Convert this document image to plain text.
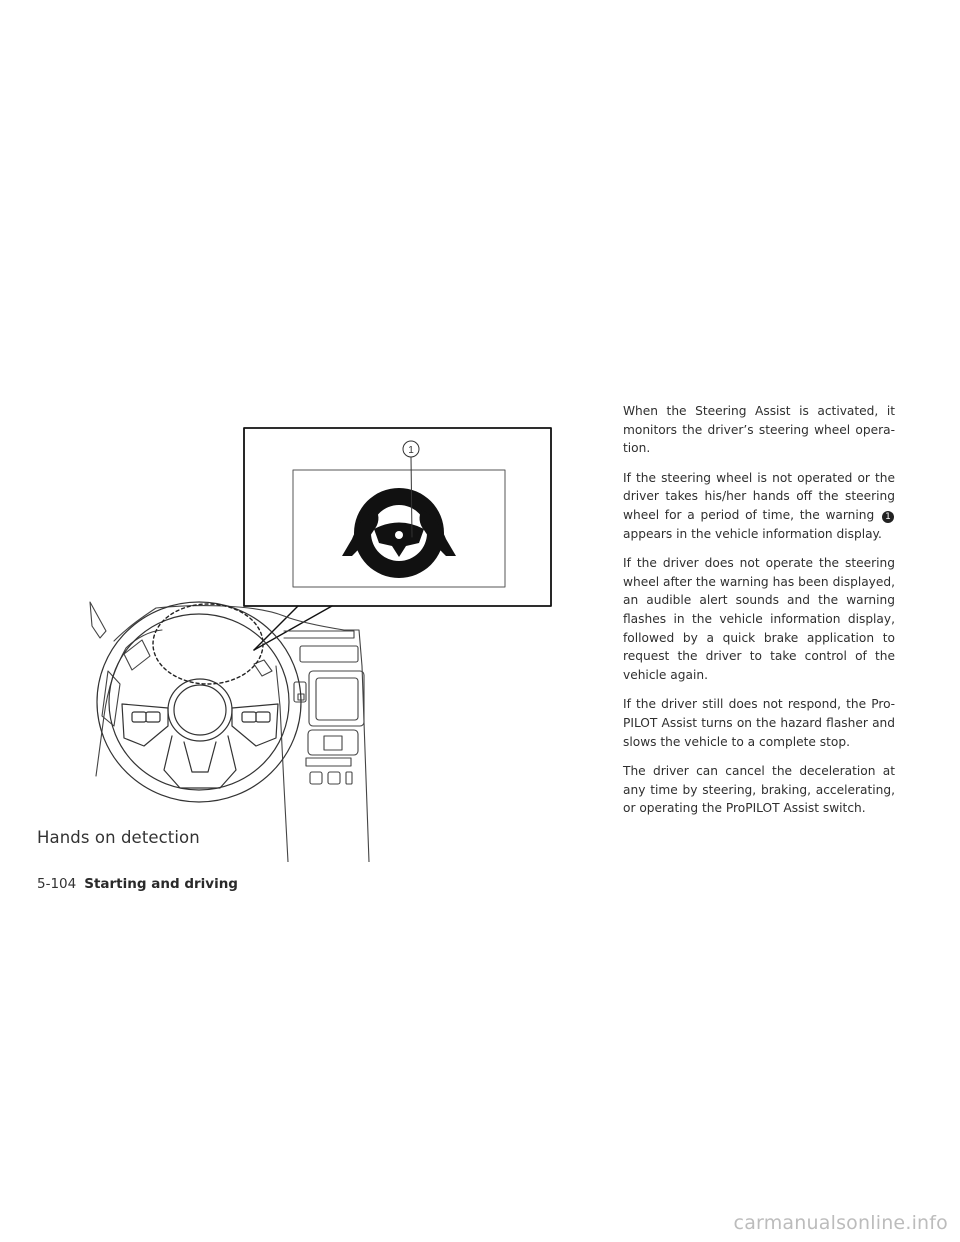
1
Hands on detection

When the Steering Assist is activated, it monitors the driver’s steering wheel operation.

If the steering wheel is not operated or the driver takes his/her hands off the steering wheel for a period of time, the warning 1 appears in the vehicle information display.

If the driver does not operate the steering wheel after the warning has been displayed, an audible alert sounds and the warning flashes in the vehicle information display, followed by a quick brake application to request the driver to take control of the vehicle again.

If the driver still does not respond, the ProPILOT Assist turns on the hazard flasher and slows the vehicle to a complete stop.

The driver can cancel the deceleration at any time by steering, braking, accelerating, or operating the ProPILOT Assist switch.

5-104 Starting and driving
carmanualsonline.info
